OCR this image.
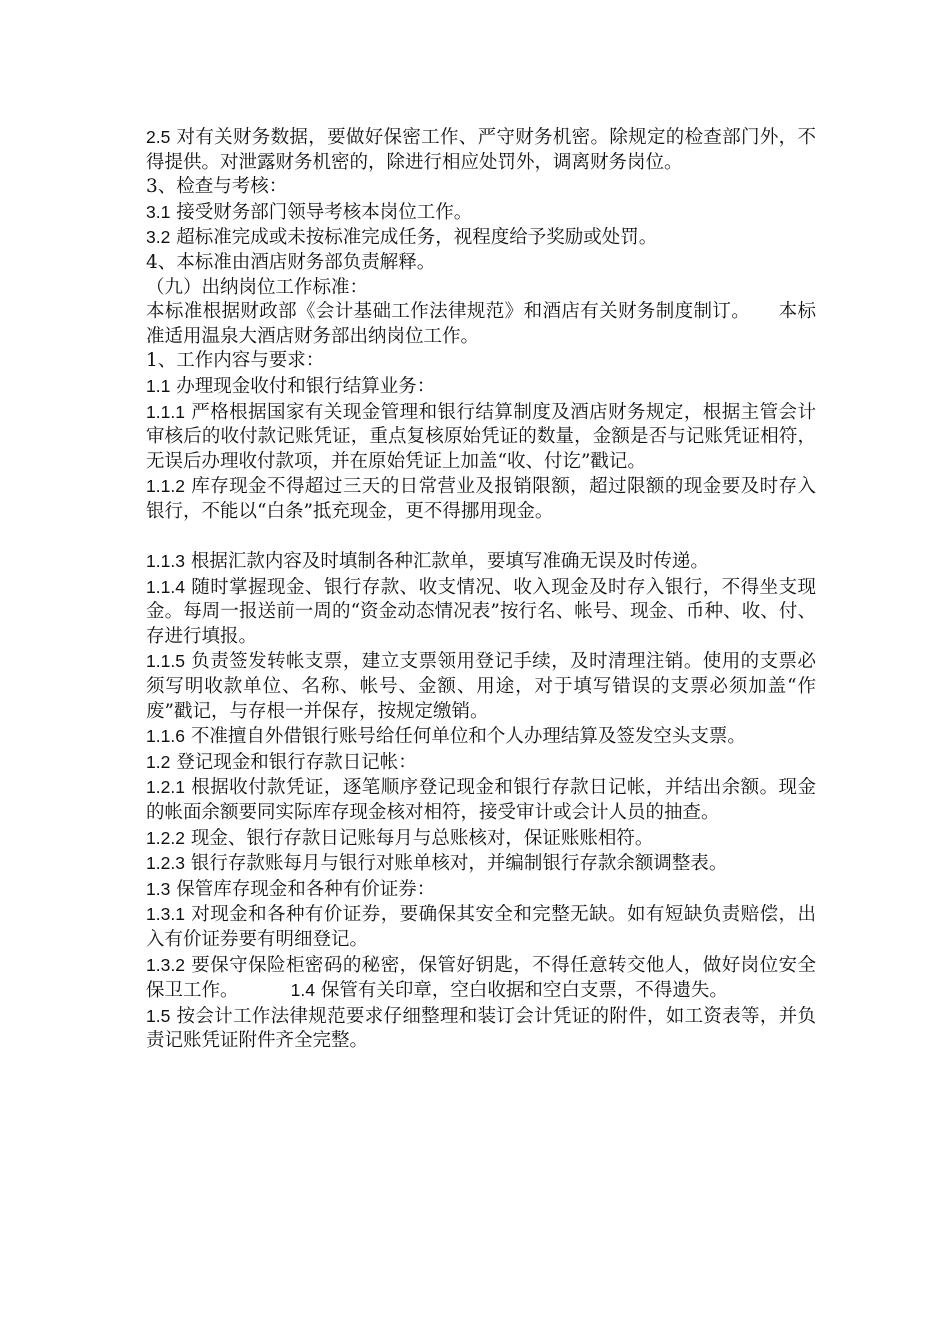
2.5 对有关财务数据，要做好保密工作、严守财务机密。除规定的检查部门外，不得提供。对泄露财务机密的，除进行相应处罚外，调离财务岗位。

3、检查与考核：

3.1 接受财务部门领导考核本岗位工作。

3.2 超标准完成或未按标准完成任务，视程度给予奖励或处罚。

4、本标准由酒店财务部负责解释。

（九）出纳岗位工作标准：

本标准根据财政部《会计基础工作法律规范》和酒店有关财务制度制订。　　本标准适用温泉大酒店财务部出纳岗位工作。

1、工作内容与要求：

1.1 办理现金收付和银行结算业务：

1.1.1 严格根据国家有关现金管理和银行结算制度及酒店财务规定，根据主管会计审核后的收付款记账凭证，重点复核原始凭证的数量，金额是否与记账凭证相符，无误后办理收付款项，并在原始凭证上加盖“收、付讫”戳记。

1.1.2 库存现金不得超过三天的日常营业及报销限额，超过限额的现金要及时存入银行，不能以“白条”抵充现金，更不得挪用现金。

1.1.3 根据汇款内容及时填制各种汇款单，要填写准确无误及时传递。

1.1.4 随时掌握现金、银行存款、收支情况、收入现金及时存入银行，不得坐支现金。每周一报送前一周的“资金动态情况表”按行名、帐号、现金、币种、收、付、存进行填报。

1.1.5 负责签发转帐支票，建立支票领用登记手续，及时清理注销。使用的支票必须写明收款单位、名称、帐号、金额、用途，对于填写错误的支票必须加盖“作废”戳记，与存根一并保存，按规定缴销。

1.1.6 不准擅自外借银行账号给任何单位和个人办理结算及签发空头支票。

1.2 登记现金和银行存款日记帐：

1.2.1 根据收付款凭证，逐笔顺序登记现金和银行存款日记帐，并结出余额。现金的帐面余额要同实际库存现金核对相符，接受审计或会计人员的抽查。

1.2.2 现金、银行存款日记账每月与总账核对，保证账账相符。

1.2.3 银行存款账每月与银行对账单核对，并编制银行存款余额调整表。

1.3 保管库存现金和各种有价证券：

1.3.1 对现金和各种有价证券，要确保其安全和完整无缺。如有短缺负责赔偿，出入有价证券要有明细登记。

1.3.2 要保守保险柜密码的秘密，保管好钥匙，不得任意转交他人，做好岗位安全保卫工作。　　　	1.4 保管有关印章，空白收据和空白支票，不得遗失。

1.5 按会计工作法律规范要求仔细整理和装订会计凭证的附件，如工资表等，并负责记账凭证附件齐全完整。
